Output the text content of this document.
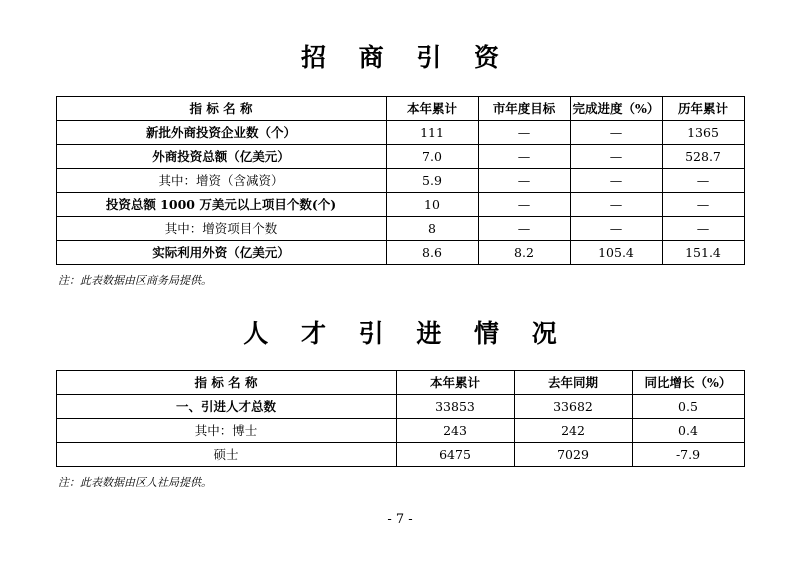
招 商 引 资
指 标 名 称	本年累计	市年度目标	完成进度（%）	历年累计
新批外商投资企业数（个）	111	—	—	1365
外商投资总额（亿美元）	7.0	—	—	528.7
其中：增资（含减资）	5.9	—	—	—
投资总额 1000 万美元以上项目个数(个)	10	—	—	—
其中：增资项目个数	8	—	—	—
实际利用外资（亿美元）	8.6	8.2	105.4	151.4
注：此表数据由区商务局提供。
人 才 引 进 情 况
指 标 名 称	本年累计	去年同期	同比增长（%）
一、引进人才总数	33853	33682	0.5
其中：博士	243	242	0.4
硕士	6475	7029	-7.9
注：此表数据由区人社局提供。
- 7 -
